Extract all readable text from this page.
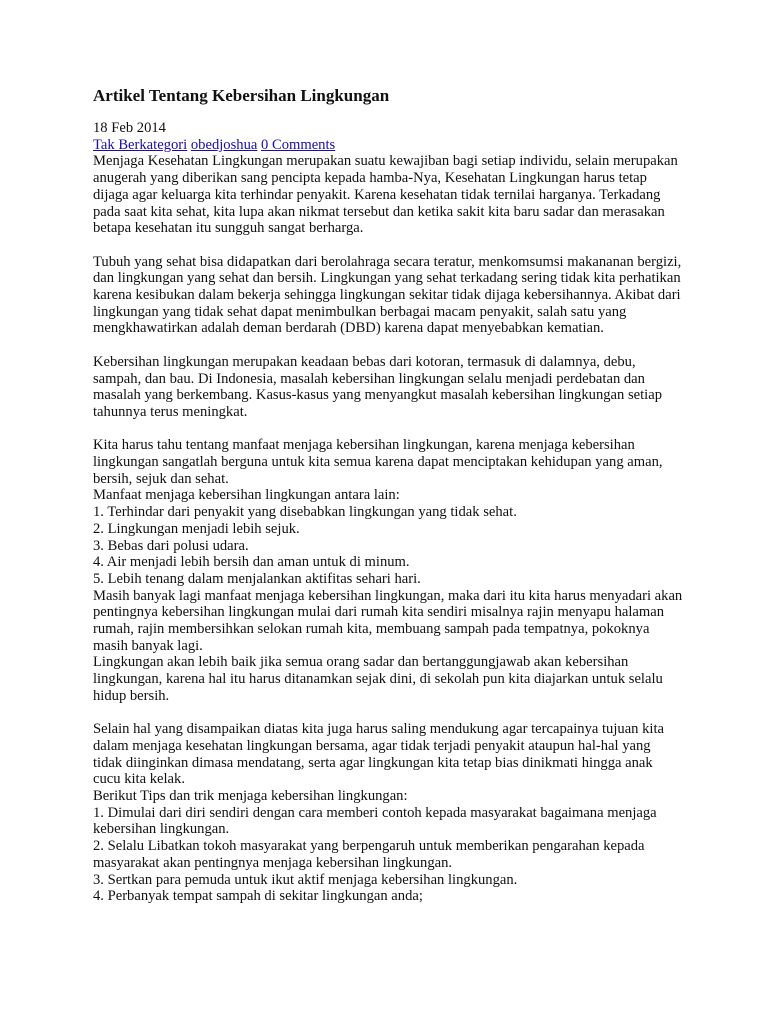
Artikel Tentang Kebersihan Lingkungan

18 Feb 2014

Tak Berkategori obedjoshua 0 Comments

Menjaga Kesehatan Lingkungan merupakan suatu kewajiban bagi setiap individu, selain merupakan anugerah yang diberikan sang pencipta kepada hamba-Nya, Kesehatan Lingkungan harus tetap dijaga agar keluarga kita terhindar penyakit. Karena kesehatan tidak ternilai harganya. Terkadang pada saat kita sehat, kita lupa akan nikmat tersebut dan ketika sakit kita baru sadar dan merasakan betapa kesehatan itu sungguh sangat berharga.

Tubuh yang sehat bisa didapatkan dari berolahraga secara teratur, menkomsumsi makananan bergizi, dan lingkungan yang sehat dan bersih. Lingkungan yang sehat terkadang sering tidak kita perhatikan karena kesibukan dalam bekerja sehingga lingkungan sekitar tidak dijaga kebersihannya. Akibat dari lingkungan yang tidak sehat dapat menimbulkan berbagai macam penyakit, salah satu yang mengkhawatirkan adalah deman berdarah (DBD) karena dapat menyebabkan kematian.

Kebersihan lingkungan merupakan keadaan bebas dari kotoran, termasuk di dalamnya, debu, sampah, dan bau. Di Indonesia, masalah kebersihan lingkungan selalu menjadi perdebatan dan masalah yang berkembang. Kasus-kasus yang menyangkut masalah kebersihan lingkungan setiap tahunnya terus meningkat.

Kita harus tahu tentang manfaat menjaga kebersihan lingkungan, karena menjaga kebersihan lingkungan sangatlah berguna untuk kita semua karena dapat menciptakan kehidupan yang aman, bersih, sejuk dan sehat.

Manfaat menjaga kebersihan lingkungan antara lain:

1. Terhindar dari penyakit yang disebabkan lingkungan yang tidak sehat.
2. Lingkungan menjadi lebih sejuk.
3. Bebas dari polusi udara.
4. Air menjadi lebih bersih dan aman untuk di minum.
5. Lebih tenang dalam menjalankan aktifitas sehari hari.

Masih banyak lagi manfaat menjaga kebersihan lingkungan, maka dari itu kita harus menyadari akan pentingnya kebersihan lingkungan mulai dari rumah kita sendiri misalnya rajin menyapu halaman rumah, rajin membersihkan selokan rumah kita, membuang sampah pada tempatnya, pokoknya masih banyak lagi.

Lingkungan akan lebih baik jika semua orang sadar dan bertanggungjawab akan kebersihan lingkungan, karena hal itu harus ditanamkan sejak dini, di sekolah pun kita diajarkan untuk selalu hidup bersih.

Selain hal yang disampaikan diatas kita juga harus saling mendukung agar tercapainya tujuan kita dalam menjaga kesehatan lingkungan bersama, agar tidak terjadi penyakit ataupun hal-hal yang tidak diinginkan dimasa mendatang, serta agar lingkungan kita tetap bias dinikmati hingga anak cucu kita kelak.

Berikut Tips dan trik menjaga kebersihan lingkungan:

1. Dimulai dari diri sendiri dengan cara memberi contoh kepada masyarakat bagaimana menjaga kebersihan lingkungan.
2. Selalu Libatkan tokoh masyarakat yang berpengaruh untuk memberikan pengarahan kepada masyarakat akan pentingnya menjaga kebersihan lingkungan.
3. Sertkan para pemuda untuk ikut aktif menjaga kebersihan lingkungan.
4. Perbanyak tempat sampah di sekitar lingkungan anda;
